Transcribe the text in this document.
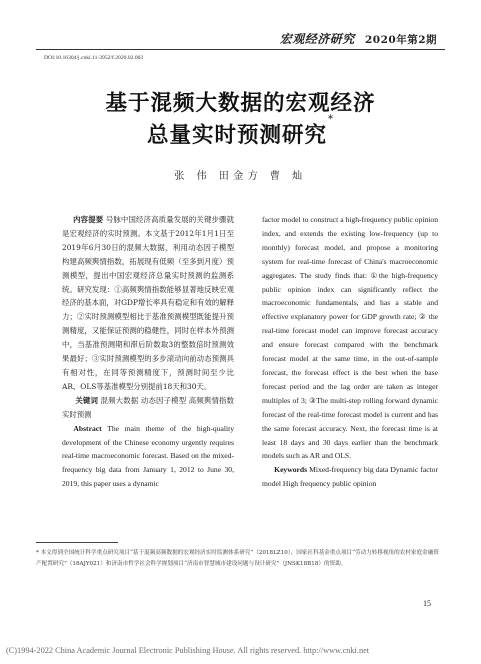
宏观经济研究 2020年第2期
DOI:10.16304/j.cnki.11-3952/f.2020.02.003
基于混频大数据的宏观经济
总量实时预测研究*
张 伟 田金方 曹 灿

内容提要 号脉中国经济高质量发展的关键步骤就是宏观经济的实时预测。本文基于2012年1月1日至2019年6月30日的混频大数据，利用动态因子模型构建高频舆情指数，拓展现有低频（至多到月度）预测模型，提出中国宏观经济总量实时预测的监测系统。研究发现：①高频舆情指数能够显著地反映宏观经济的基本面，对GDP增长率具有稳定和有效的解释力；②实时预测模型相比于基准预测模型既能提升预测精度，又能保证预测的稳健性，同时在样本外预测中，当基准预测期和滞后阶数取3的整数倍时预测效果最好；③实时预测模型的多步滚动向前动态预测具有相对性，在同等预测精度下，预测时间至少比AR、OLS等基准模型分别提前18天和30天。

关键词 混频大数据 动态因子模型 高频舆情指数 实时预测

Abstract The main theme of the high-quality development of the Chinese economy urgently requires real-time macroeconomic forecast. Based on the mixed-frequency big data from January 1, 2012 to June 30, 2019, this paper uses a dynamic

factor model to construct a high-frequency public opinion index, and extends the existing low-frequency (up to monthly) forecast model, and propose a monitoring system for real-time forecast of China's macroeconomic aggregates. The study finds that: ①the high-frequency public opinion index can significantly reflect the macroeconomic fundamentals, and has a stable and effective explanatory power for GDP growth rate; ② the real-time forecast model can improve forecast accuracy and ensure forecast compared with the benchmark forecast model at the same time, in the out-of-sample forecast, the forecast effect is the best when the base forecast period and the lag order are taken as integer multiples of 3; ③The multi-step rolling forward dynamic forecast of the real-time forecast model is current and has the same forecast accuracy. Next, the forecast time is at least 18 days and 30 days earlier than the benchmark models such as AR and OLS.

Keywords Mixed-frequency big data Dynamic factor model High frequency public opinion

* 本文得到全国统计科学重点研究项目“基于混频高频数据的宏观经济实时监测体系研究”（2018LZ10）、国家社科基金重点项目“劳动力转移视角的农村家庭金融资产配置研究”（18AJY021）和济南市哲学社会科学规划项目“济南市智慧城市建设问题与设计研究”（JNSK18B18）的资助。
15
(C)1994-2022 China Academic Journal Electronic Publishing House. All rights reserved. http://www.cnki.net
